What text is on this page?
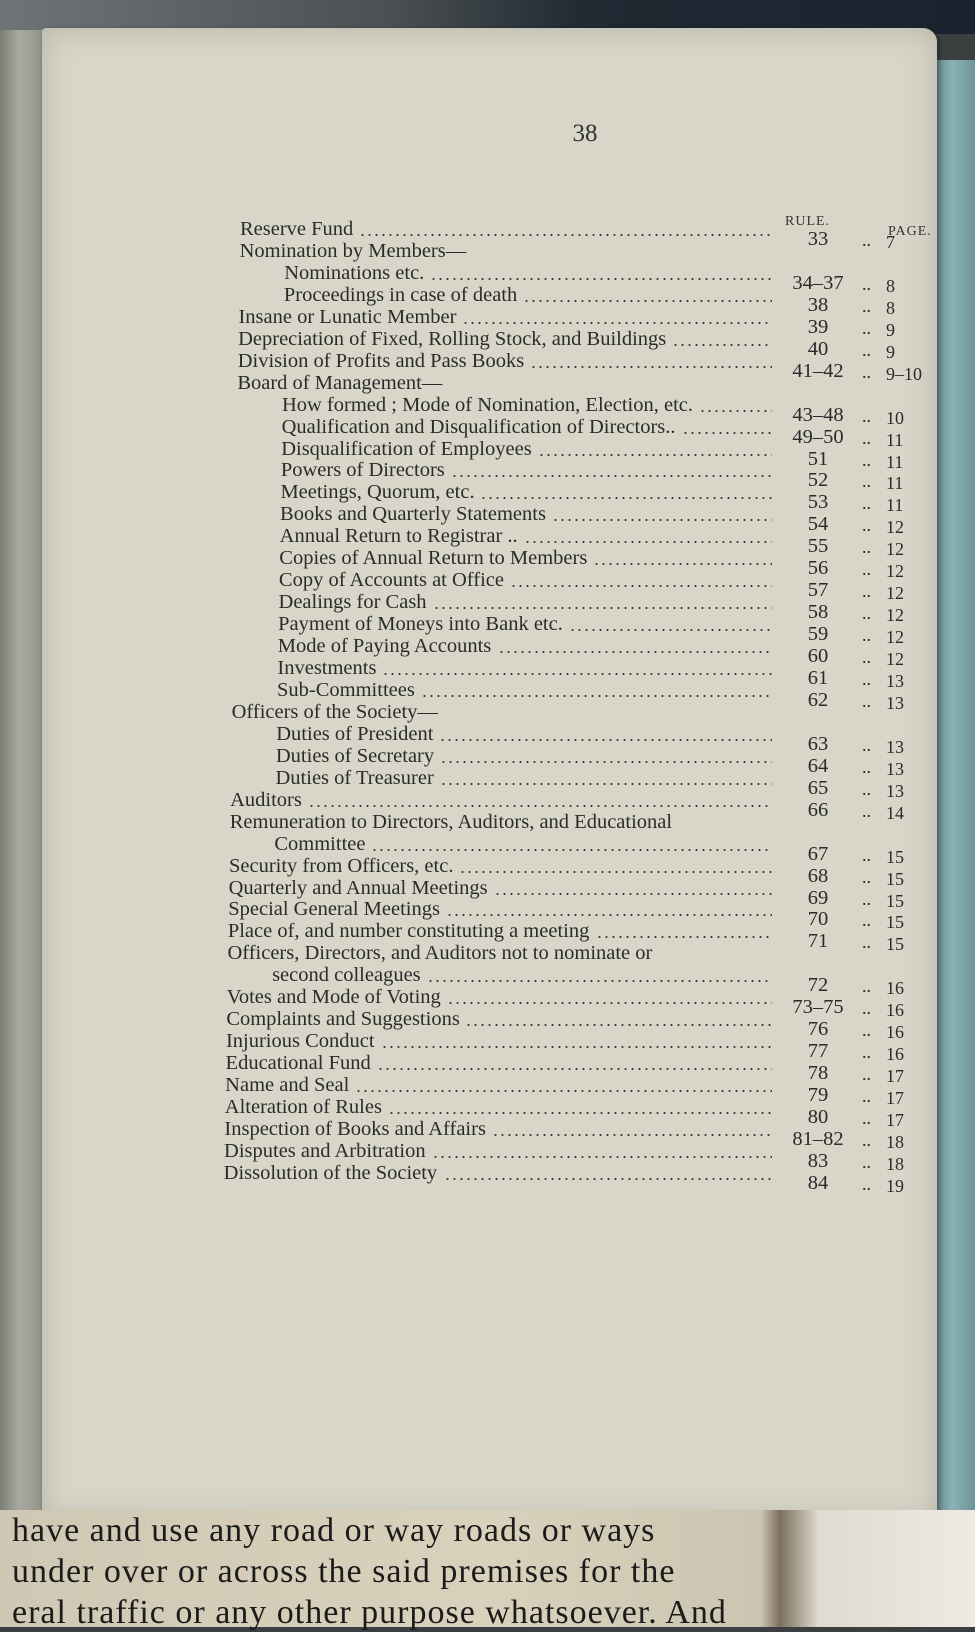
38
RULE.
PAGE.
Reserve Fund	33	.. 7
Nomination by Members—
Nominations etc.	34–37	.. 8
Proceedings in case of death	38	.. 8
Insane or Lunatic Member	39	.. 9
Depreciation of Fixed, Rolling Stock, and Buildings	40	.. 9
Division of Profits and Pass Books	41–42	.. 9–10
Board of Management—
How formed ; Mode of Nomination, Election, etc.	43–48	.. 10
Qualification and Disqualification of Directors..	49–50	.. 11
Disqualification of Employees	51	.. 11
Powers of Directors	52	.. 11
Meetings, Quorum, etc.	53	.. 11
Books and Quarterly Statements	54	.. 12
Annual Return to Registrar ..	55	.. 12
Copies of Annual Return to Members	56	.. 12
Copy of Accounts at Office	57	.. 12
Dealings for Cash	58	.. 12
Payment of Moneys into Bank etc.	59	.. 12
Mode of Paying Accounts	60	.. 12
Investments	61	.. 13
Sub-Committees	62	.. 13
Officers of the Society—
Duties of President	63	.. 13
Duties of Secretary	64	.. 13
Duties of Treasurer	65	.. 13
Auditors	66	.. 14
Remuneration to Directors, Auditors, and Educational
Committee	67	.. 15
Security from Officers, etc.	68	.. 15
Quarterly and Annual Meetings	69	.. 15
Special General Meetings	70	.. 15
Place of, and number constituting a meeting	71	.. 15
Officers, Directors, and Auditors not to nominate or
second colleagues	72	.. 16
Votes and Mode of Voting	73–75	.. 16
Complaints and Suggestions	76	.. 16
Injurious Conduct	77	.. 16
Educational Fund	78	.. 17
Name and Seal	79	.. 17
Alteration of Rules	80	.. 17
Inspection of Books and Affairs	81–82	.. 18
Disputes and Arbitration	83	.. 18
Dissolution of the Society	84	.. 19
have and use any road or way roads or ways
under over or across the said premises for the
eral traffic or any other purpose whatsoever. And
